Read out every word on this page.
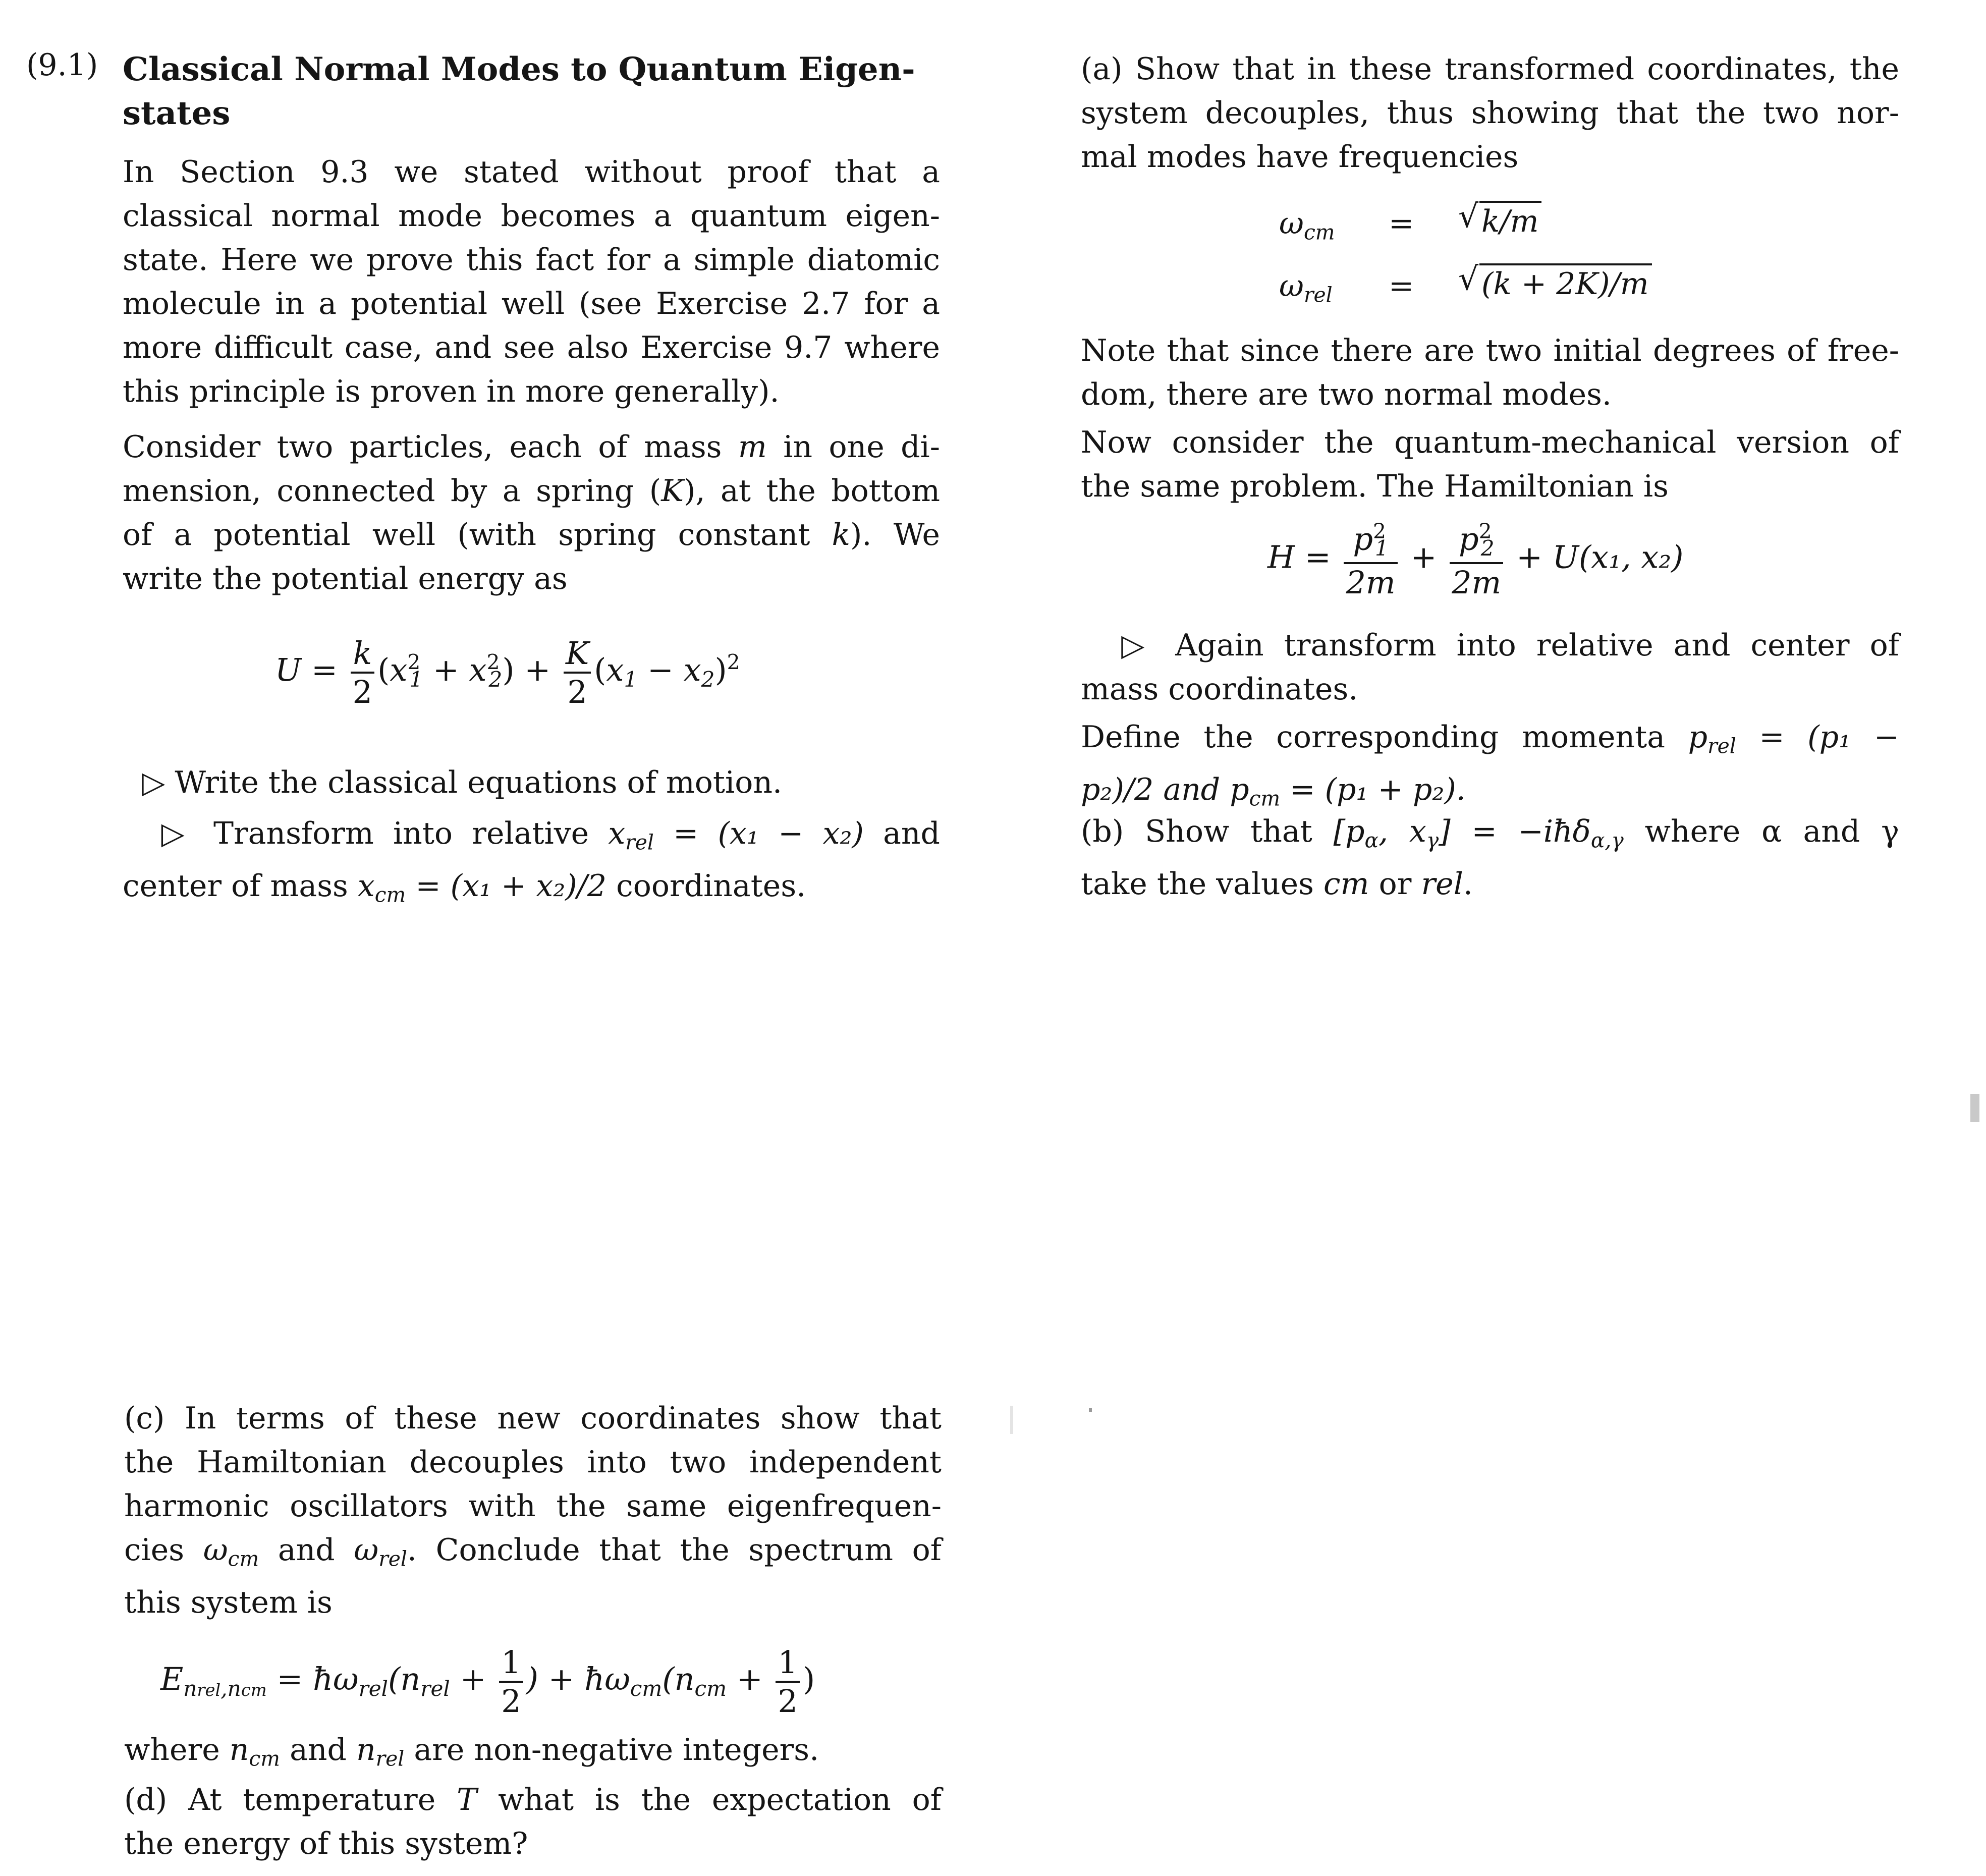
(9.1) Classical Normal Modes to Quantum Eigen-
states

In Section 9.3 we stated without proof that a
classical normal mode becomes a quantum eigen-
state. Here we prove this fact for a simple diatomic
molecule in a potential well (see Exercise 2.7 for a
more difficult case, and see also Exercise 9.7 where
this principle is proven in more generally).

Consider two particles, each of mass m in one di-
mension, connected by a spring (K), at the bottom
of a potential well (with spring constant k). We
write the potential energy as

$U = \frac{k}{2} (x^2_1 + x^2_2) + \frac{K}{2} (x_1 - x_2)^2$

▷ Write the classical equations of motion.

▷ Transform into relative $x_{rel} = (x_1 - x_2)$ and
center of mass $x_{cm} = (x_1 + x_2)/2$ coordinates.

(a) Show that in these transformed coordinates, the
system decouples, thus showing that the two nor-
mal modes have frequencies

$\omega_{cm}$ = √ k/m
$\omega_{rel}$ = √ (k + 2K)/m

Note that since there are two initial degrees of free-
dom, there are two normal modes.

Now consider the quantum-mechanical version of
the same problem. The Hamiltonian is

$H = \frac{p^2_1}{2m} + \frac{p^2_2}{2m} + U(x_1$, x₂)

▷ Again transform into relative and center of
mass coordinates.

Define the corresponding momenta $p_{rel} = (p_1$ −
p₂)/2 and $p_{cm} = (p_1 + p_2)$.

(b) Show that [$p_\alpha$, $x_\gamma$] = −iħδ$_{\alpha,\gamma}$ where α and γ
take the values cm or rel.

(c) In terms of these new coordinates show that
the Hamiltonian decouples into two independent
harmonic oscillators with the same eigenfrequen-
cies $\omega_{cm}$ and $\omega_{rel}$. Conclude that the spectrum of
this system is

$E_{nrel,ncm}$ = $ħ\omega_{rel}(n_{rel} + \frac{1}{2}$ ) + $ħ\omega_{cm}(n_{cm} + \frac{1}{2}$ )

where $n_{cm}$ and $n_{rel}$ are non-negative integers.

(d) At temperature T what is the expectation of
the energy of this system?
